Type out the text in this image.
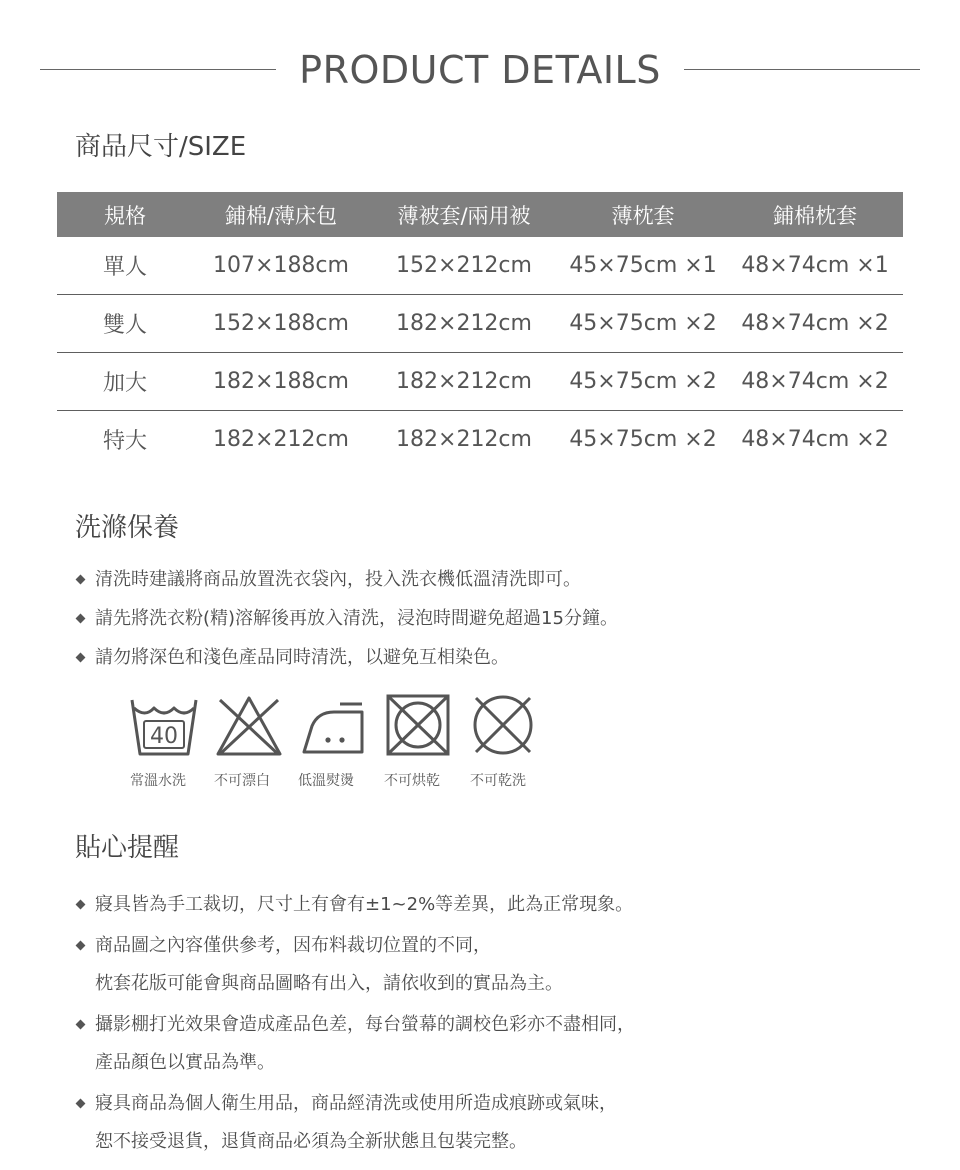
PRODUCT DETAILS
商品尺寸/SIZE
規格	鋪棉/薄床包	薄被套/兩用被	薄枕套	鋪棉枕套
單人	107×188cm	152×212cm	45×75cm ×1	48×74cm ×1
雙人	152×188cm	182×212cm	45×75cm ×2	48×74cm ×2
加大	182×188cm	182×212cm	45×75cm ×2	48×74cm ×2
特大	182×212cm	182×212cm	45×75cm ×2	48×74cm ×2
洗滌保養
清洗時建議將商品放置洗衣袋內，投入洗衣機低溫清洗即可。
請先將洗衣粉(精)溶解後再放入清洗，浸泡時間避免超過15分鐘。
請勿將深色和淺色產品同時清洗，以避免互相染色。
40
常溫水洗 不可漂白 低溫熨燙 不可烘乾 不可乾洗
貼心提醒
寢具皆為手工裁切，尺寸上有會有±1~2%等差異，此為正常現象。
商品圖之內容僅供參考，因布料裁切位置的不同，
枕套花版可能會與商品圖略有出入，請依收到的實品為主。
攝影棚打光效果會造成產品色差，每台螢幕的調校色彩亦不盡相同，
產品顏色以實品為準。
寢具商品為個人衛生用品，商品經清洗或使用所造成痕跡或氣味，
恕不接受退貨，退貨商品必須為全新狀態且包裝完整。
